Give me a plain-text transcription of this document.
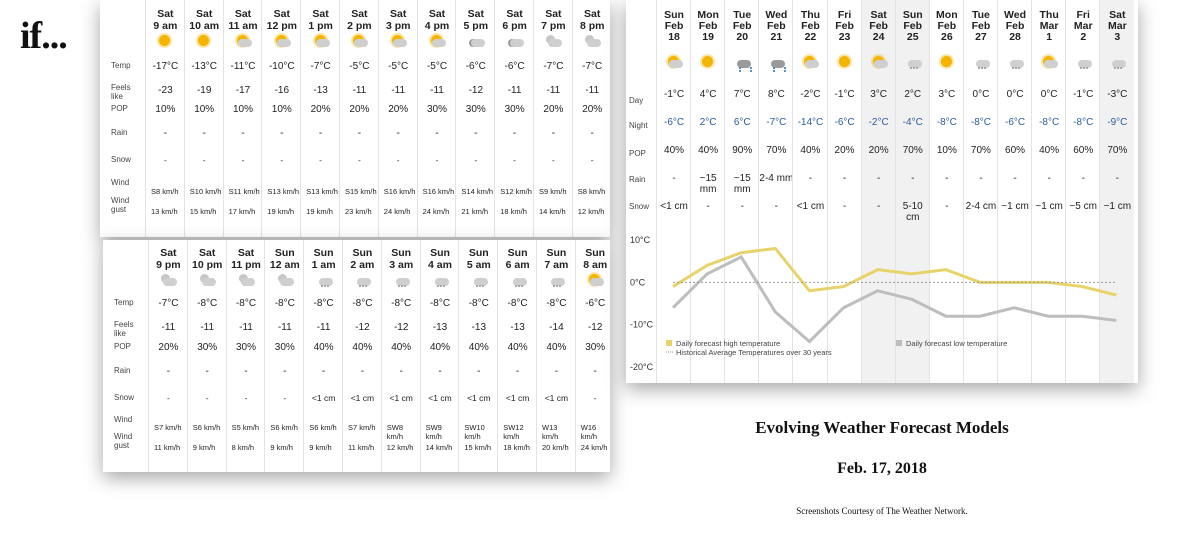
if...
Temp
Feels like
POP
Rain
Snow
Wind
Wind gust
Sat
9 am
-17°C
-23
10%
-
-
S8 km/h
13 km/h
Sat
10 am
-13°C
-19
10%
-
-
S10 km/h
15 km/h
Sat
11 am
-11°C
-17
10%
-
-
S11 km/h
17 km/h
Sat
12 pm
-10°C
-16
10%
-
-
S13 km/h
19 km/h
Sat
1 pm
-7°C
-13
20%
-
-
S13 km/h
19 km/h
Sat
2 pm
-5°C
-11
20%
-
-
S15 km/h
23 km/h
Sat
3 pm
-5°C
-11
20%
-
-
S16 km/h
24 km/h
Sat
4 pm
-5°C
-11
30%
-
-
S16 km/h
24 km/h
Sat
5 pm
-6°C
-12
30%
-
-
S14 km/h
21 km/h
Sat
6 pm
-6°C
-11
30%
-
-
S12 km/h
18 km/h
Sat
7 pm
-7°C
-11
20%
-
-
S9 km/h
14 km/h
Sat
8 pm
-7°C
-11
20%
-
-
S8 km/h
12 km/h
Temp
Feels like
POP
Rain
Snow
Wind
Wind gust
Sat
9 pm
-7°C
-11
20%
-
-
S7 km/h
11 km/h
Sat
10 pm
-8°C
-11
30%
-
-
S6 km/h
9 km/h
Sat
11 pm
-8°C
-11
30%
-
-
S5 km/h
8 km/h
Sun
12 am
-8°C
-11
30%
-
-
S6 km/h
9 km/h
Sun
1 am
-8°C
-11
40%
-
<1 cm
S6 km/h
9 km/h
Sun
2 am
-8°C
-12
40%
-
<1 cm
S7 km/h
11 km/h
Sun
3 am
-8°C
-12
40%
-
<1 cm
SW8 km/h
12 km/h
Sun
4 am
-8°C
-13
40%
-
<1 cm
SW9 km/h
14 km/h
Sun
5 am
-8°C
-13
40%
-
<1 cm
SW10 km/h
15 km/h
Sun
6 am
-8°C
-13
40%
-
<1 cm
SW12 km/h
18 km/h
Sun
7 am
-8°C
-14
40%
-
<1 cm
W13 km/h
20 km/h
Sun
8 am
-6°C
-12
30%
-
-
W16 km/h
24 km/h
Day
Night
POP
Rain
Snow
Sun
Feb
18
-1°C
-6°C
40%
-
<1 cm
Mon
Feb
19
4°C
2°C
40%
~15 mm
-
Tue
Feb
20
7°C
6°C
90%
~15 mm
-
Wed
Feb
21
8°C
-7°C
70%
2-4 mm
-
Thu
Feb
22
-2°C
-14°C
40%
-
<1 cm
Fri
Feb
23
-1°C
-6°C
20%
-
-
Sat
Feb
24
3°C
-2°C
20%
-
-
Sun
Feb
25
2°C
-4°C
70%
-
5-10 cm
Mon
Feb
26
3°C
-8°C
10%
-
-
Tue
Feb
27
0°C
-8°C
70%
-
2-4 cm
Wed
Feb
28
0°C
-6°C
60%
-
~1 cm
Thu
Mar
1
0°C
-8°C
40%
-
~1 cm
Fri
Mar
2
-1°C
-8°C
60%
-
~5 cm
Sat
Mar
3
-3°C
-9°C
70%
-
~1 cm
10°C
0°C
-10°C
-20°C
Daily forecast high temperature
Historical Average Temperatures over 30 years
Daily forecast low temperature
Evolving Weather Forecast Models
Feb. 17, 2018
Screenshots Courtesy of The Weather Network.
